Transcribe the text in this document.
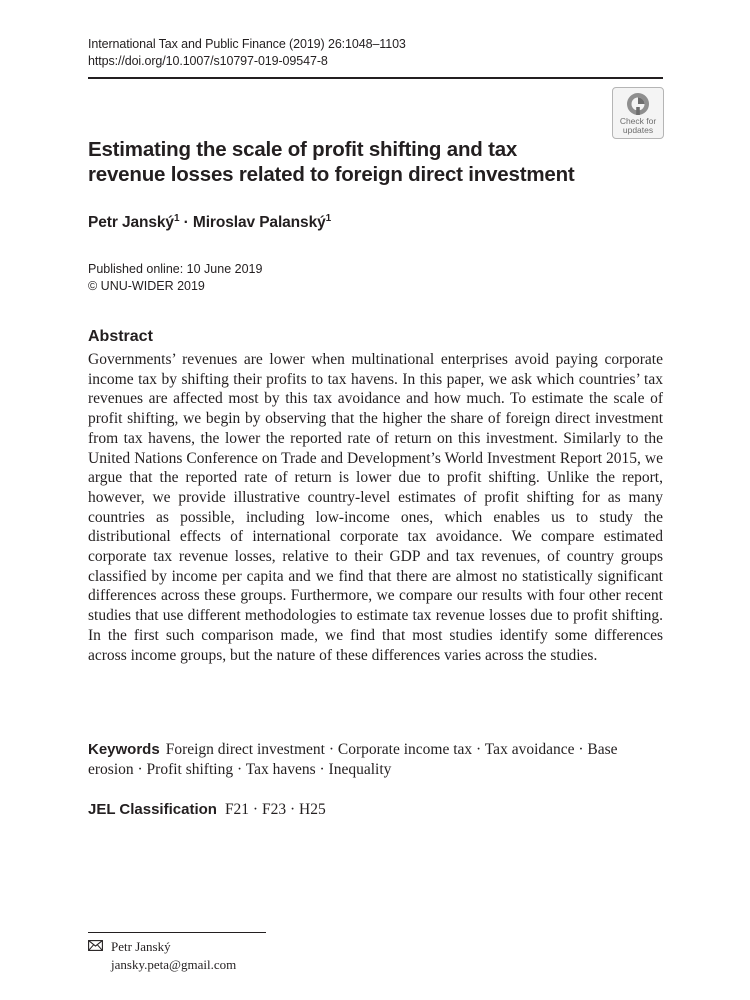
International Tax and Public Finance (2019) 26:1048–1103
https://doi.org/10.1007/s10797-019-09547-8
Check for
updates
Estimating the scale of profit shifting and tax revenue losses related to foreign direct investment
Petr Janský$^1$ · Miroslav Palanský$^1$
Published online: 10 June 2019
© UNU-WIDER 2019
Abstract

Governments’ revenues are lower when multinational enterprises avoid paying corporate income tax by shifting their profits to tax havens. In this paper, we ask which countries’ tax revenues are affected most by this tax avoidance and how much. To estimate the scale of profit shifting, we begin by observing that the higher the share of foreign direct investment from tax havens, the lower the reported rate of return on this investment. Similarly to the United Nations Conference on Trade and Development’s World Investment Report 2015, we argue that the reported rate of return is lower due to profit shifting. Unlike the report, however, we provide illustrative country-level estimates of profit shifting for as many countries as possible, including low-income ones, which enables us to study the distributional effects of international corporate tax avoidance. We compare estimated corporate tax revenue losses, relative to their GDP and tax revenues, of country groups classified by income per capita and we find that there are almost no statistically significant differences across these groups. Furthermore, we compare our results with four other recent studies that use different methodologies to estimate tax revenue losses due to profit shifting. In the first such comparison made, we find that most studies identify some differences across income groups, but the nature of these differences varies across the studies.

Keywords Foreign direct investment · Corporate income tax · Tax avoidance · Base erosion · Profit shifting · Tax havens · Inequality
JEL Classification F21 · F23 · H25
Petr Janský
jansky.peta@gmail.com
